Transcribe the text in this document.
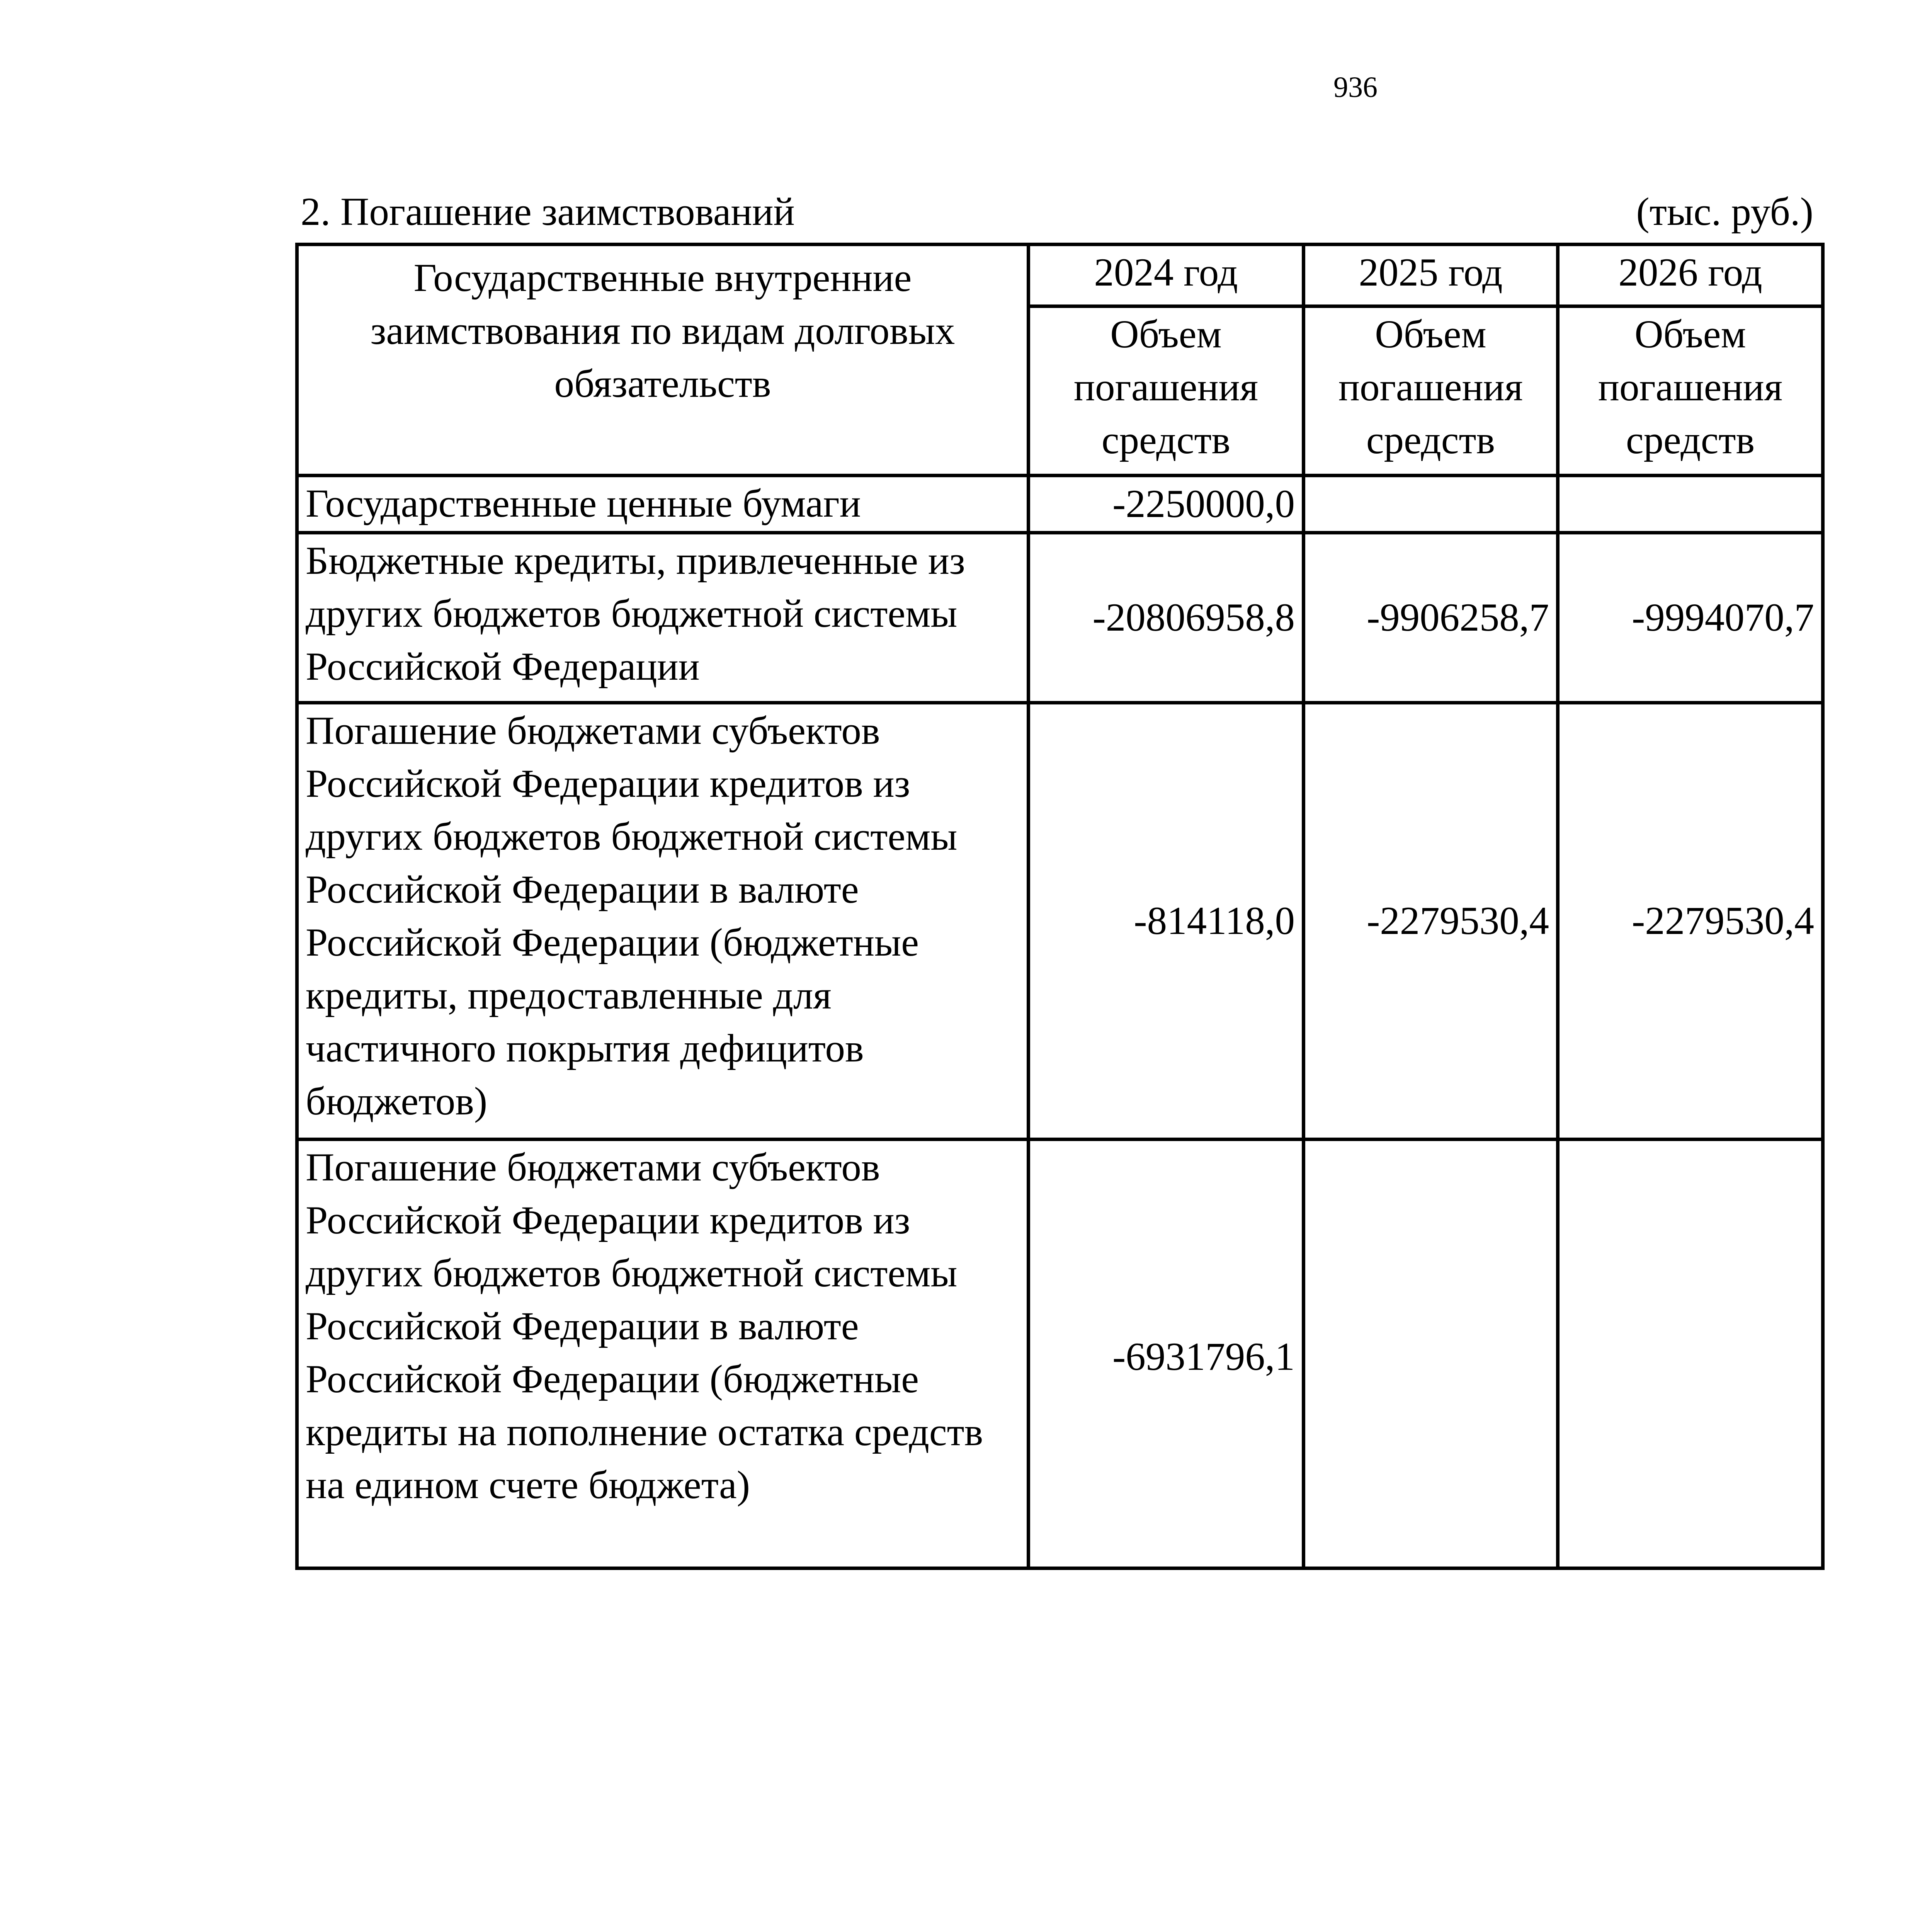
936
2. Погашение заимствований	(тыс. руб.)
Государственные внутренние заимствования по видам долговых обязательств	2024 год	2025 год	2026 год
	Объем погашения средств	Объем погашения средств	Объем погашения средств
Государственные ценные бумаги	-2250000,0		
Бюджетные кредиты, привлеченные из других бюджетов бюджетной системы Российской Федерации	-20806958,8	-9906258,7	-9994070,7
Погашение бюджетами субъектов Российской Федерации кредитов из других бюджетов бюджетной системы Российской Федерации в валюте Российской Федерации (бюджетные кредиты, предоставленные для частичного покрытия дефицитов бюджетов)	-814118,0	-2279530,4	-2279530,4
Погашение бюджетами субъектов Российской Федерации кредитов из других бюджетов бюджетной системы Российской Федерации в валюте Российской Федерации (бюджетные кредиты на пополнение остатка средств на едином счете бюджета)	-6931796,1		
